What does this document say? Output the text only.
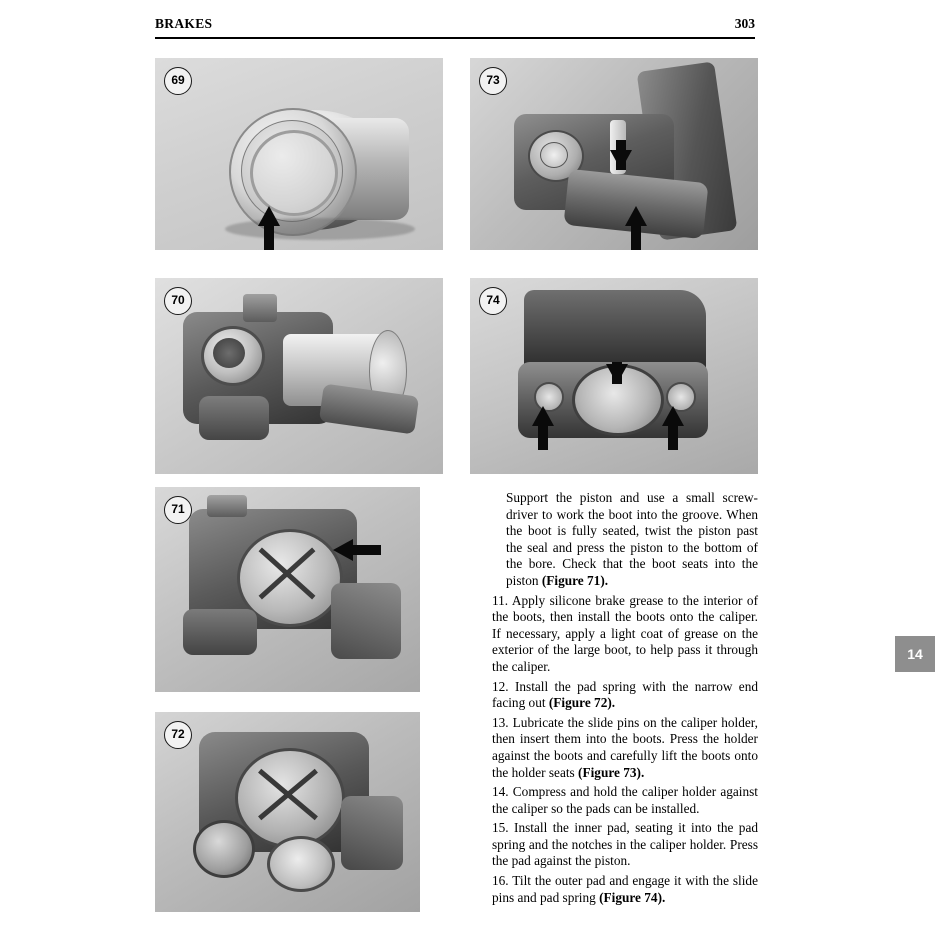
BRAKES	303
69	73
70	74
71
72

Support the piston and use a small screw-driver to work the boot into the groove. When the boot is fully seated, twist the piston past the seal and press the piston to the bottom of the bore. Check that the boot seats into the piston (Figure 71).

11. Apply silicone brake grease to the interior of the boots, then install the boots onto the caliper. If necessary, apply a light coat of grease on the exterior of the large boot, to help pass it through the caliper.

12. Install the pad spring with the narrow end facing out (Figure 72).

13. Lubricate the slide pins on the caliper holder, then insert them into the boots. Press the holder against the boots and carefully lift the boots onto the holder seats (Figure 73).

14. Compress and hold the caliper holder against the caliper so the pads can be installed.

15. Install the inner pad, seating it into the pad spring and the notches in the caliper holder. Press the pad against the piston.

16. Tilt the outer pad and engage it with the slide pins and pad spring (Figure 74).

14
